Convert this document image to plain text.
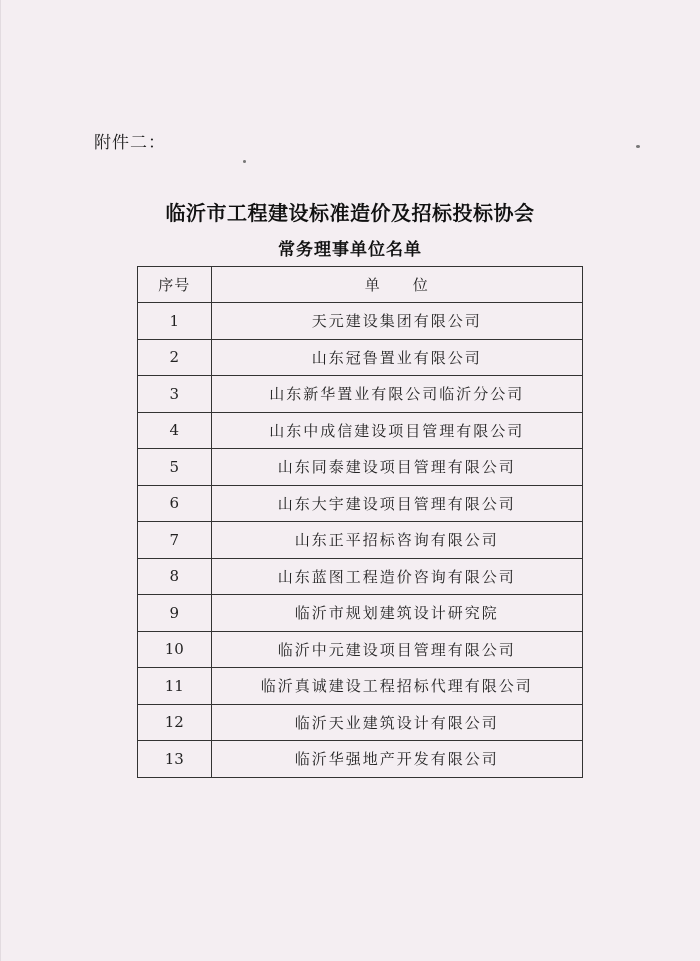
附件二：
临沂市工程建设标准造价及招标投标协会
常务理事单位名单
序号	单　　位
1	天元建设集团有限公司
2	山东冠鲁置业有限公司
3	山东新华置业有限公司临沂分公司
4	山东中成信建设项目管理有限公司
5	山东同泰建设项目管理有限公司
6	山东大宇建设项目管理有限公司
7	山东正平招标咨询有限公司
8	山东蓝图工程造价咨询有限公司
9	临沂市规划建筑设计研究院
10	临沂中元建设项目管理有限公司
11	临沂真诚建设工程招标代理有限公司
12	临沂天业建筑设计有限公司
13	临沂华强地产开发有限公司
